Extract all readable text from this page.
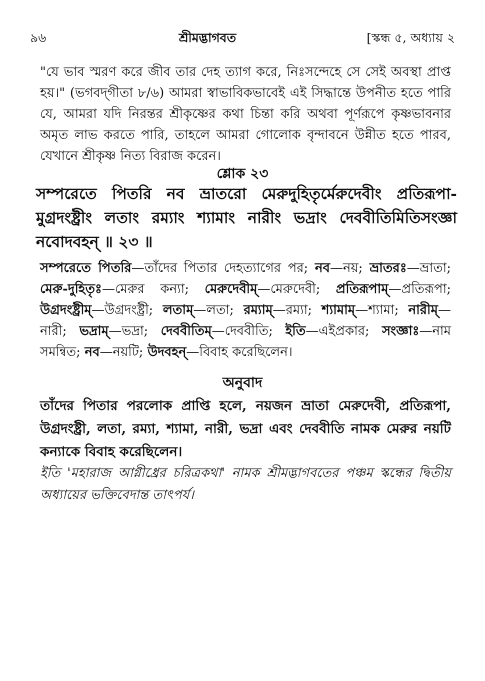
৯৬	শ্রীমদ্ভাগবত	[স্কন্ধ ৫, অধ্যায় ২

"যে ভাব স্মরণ করে জীব তার দেহ ত্যাগ করে, নিঃসন্দেহে সে সেই অবস্থা প্রাপ্ত হয়।" (ভগবদ্‌গীতা ৮/৬) আমরা স্বাভাবিকভাবেই এই সিদ্ধান্তে উপনীত হতে পারি যে, আমরা যদি নিরন্তর শ্রীকৃষ্ণের কথা চিন্তা করি অথবা পূর্ণরূপে কৃষ্ণভাবনার অমৃত লাভ করতে পারি, তাহলে আমরা গোলোক বৃন্দাবনে উন্নীত হতে পারব, যেখানে শ্রীকৃষ্ণ নিত্য বিরাজ করেন।

শ্লোক ২৩
সম্পরেতে পিতরি নব ভ্রাতরো মেরুদুহিতৃর্মেরুদেবীং প্রতিরূপা-মুগ্রদংষ্ট্রীং লতাং রম্যাং শ্যামাং নারীং ভদ্রাং দেববীতিমিতিসংজ্ঞা নবোদবহন্ ॥ ২৩ ॥
সম্পরেতে পিতরি—তাঁদের পিতার দেহত্যাগের পর; নব—নয়; ভ্রাতরঃ—ভ্রাতা; মেরু-দুহিতৃঃ—মেরুর কন্যা; মেরুদেবীম্—মেরুদেবী; প্রতিরূপাম্—প্রতিরূপা; উগ্রদংষ্ট্রীম্—উগ্রদংষ্ট্রী; লতাম্—লতা; রম্যাম্—রম্যা; শ্যামাম্—শ্যামা; নারীম্—নারী; ভদ্রাম্—ভদ্রা; দেববীতিম্—দেববীতি; ইতি—এইপ্রকার; সংজ্ঞাঃ—নাম সমন্বিত; নব—নয়টি; উদবহন্—বিবাহ করেছিলেন।
অনুবাদ
তাঁদের পিতার পরলোক প্রাপ্তি হলে, নয়জন ভ্রাতা মেরুদেবী, প্রতিরূপা, উগ্রদংষ্ট্রী, লতা, রম্যা, শ্যামা, নারী, ভদ্রা এবং দেববীতি নামক মেরুর নয়টি কন্যাকে বিবাহ করেছিলেন।
ইতি 'মহারাজ আগ্নীধ্রের চরিত্রকথা' নামক শ্রীমদ্ভাগবতের পঞ্চম স্কন্ধের দ্বিতীয় অধ্যায়ের ভক্তিবেদান্ত তাৎপর্য।
